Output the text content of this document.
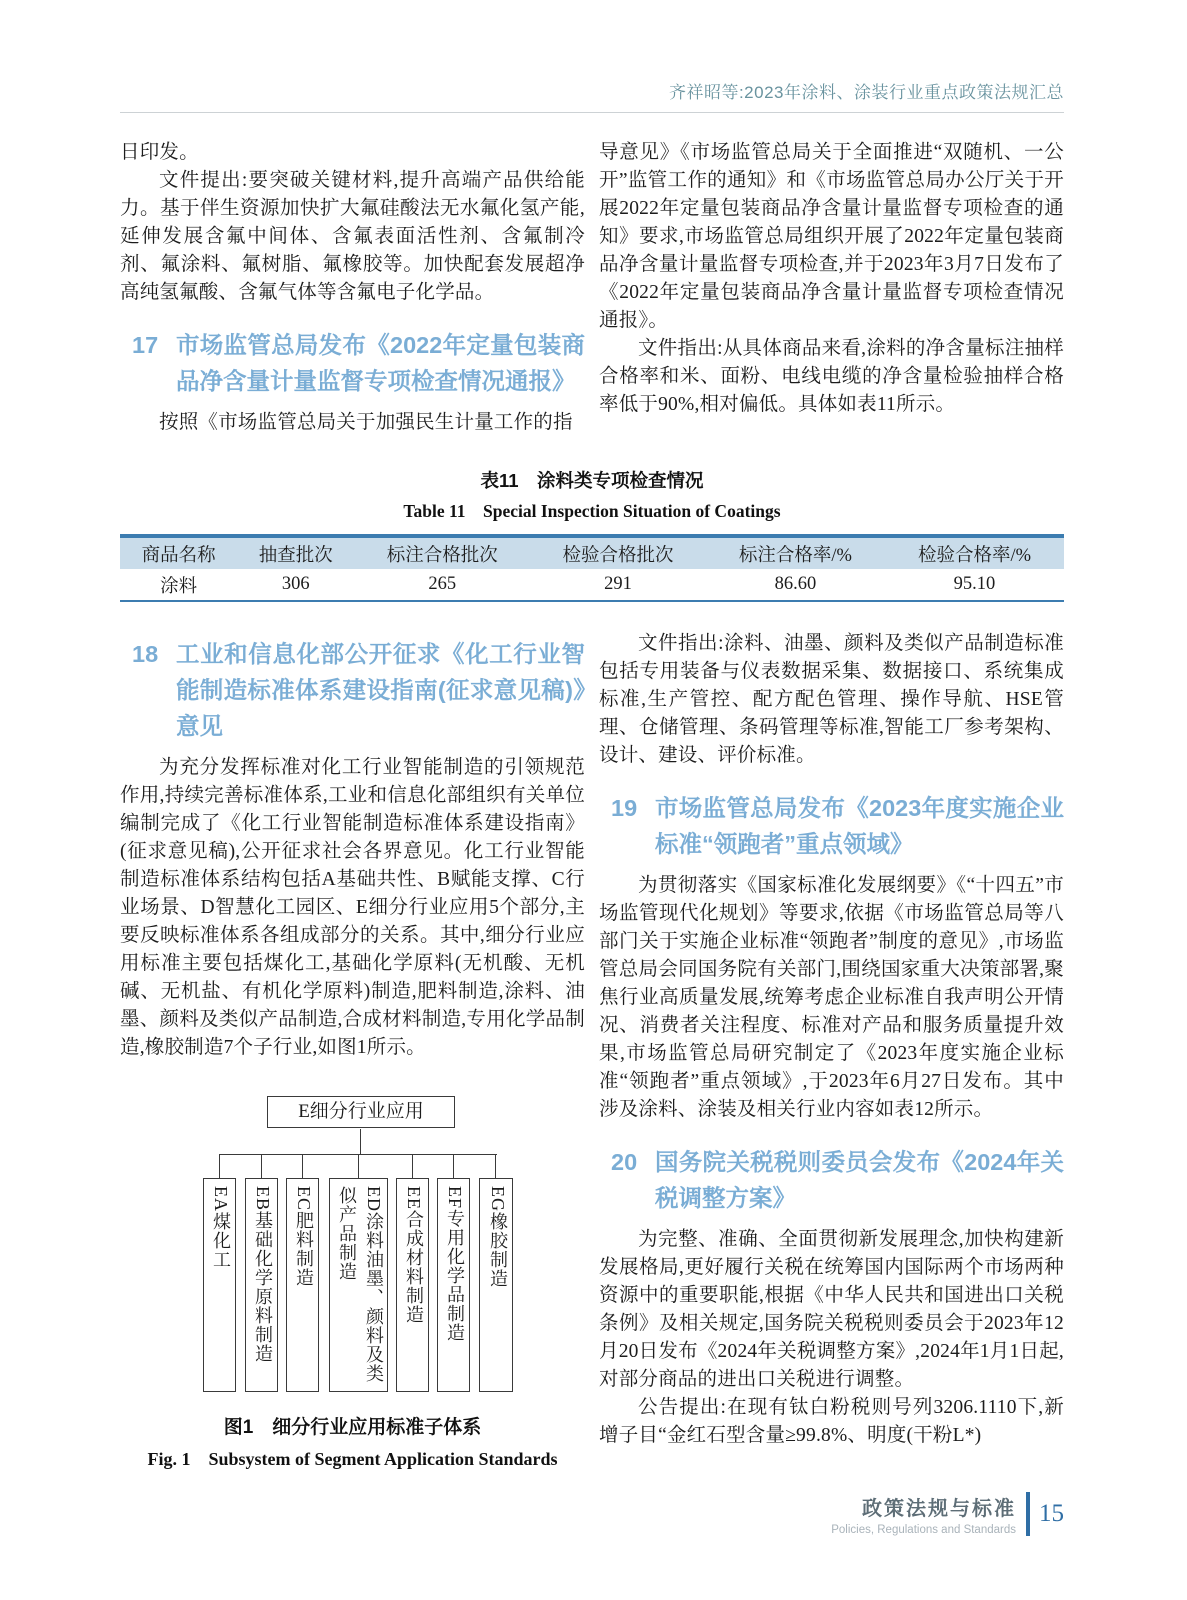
齐祥昭等:2023年涂料、涂装行业重点政策法规汇总

日印发。

文件提出:要突破关键材料,提升高端产品供给能力。基于伴生资源加快扩大氟硅酸法无水氟化氢产能,延伸发展含氟中间体、含氟表面活性剂、含氟制冷剂、氟涂料、氟树脂、氟橡胶等。加快配套发展超净高纯氢氟酸、含氟气体等含氟电子化学品。

17 市场监管总局发布《2022年定量包装商品净含量计量监督专项检查情况通报》

按照《市场监管总局关于加强民生计量工作的指

导意见》《市场监管总局关于全面推进“双随机、一公开”监管工作的通知》和《市场监管总局办公厅关于开展2022年定量包装商品净含量计量监督专项检查的通知》要求,市场监管总局组织开展了2022年定量包装商品净含量计量监督专项检查,并于2023年3月7日发布了《2022年定量包装商品净含量计量监督专项检查情况通报》。

文件指出:从具体商品来看,涂料的净含量标注抽样合格率和米、面粉、电线电缆的净含量检验抽样合格率低于90%,相对偏低。具体如表11所示。

表11　涂料类专项检查情况
Table 11　Special Inspection Situation of Coatings
商品名称	抽查批次	标注合格批次	检验合格批次	标注合格率/%	检验合格率/%
涂料	306	265	291	86.60	95.10
18 工业和信息化部公开征求《化工行业智能制造标准体系建设指南(征求意见稿)》意见

为充分发挥标准对化工行业智能制造的引领规范作用,持续完善标准体系,工业和信息化部组织有关单位编制完成了《化工行业智能制造标准体系建设指南》(征求意见稿),公开征求社会各界意见。化工行业智能制造标准体系结构包括A基础共性、B赋能支撑、C行业场景、D智慧化工园区、E细分行业应用5个部分,主要反映标准体系各组成部分的关系。其中,细分行业应用标准主要包括煤化工,基础化学原料(无机酸、无机碱、无机盐、有机化学原料)制造,肥料制造,涂料、油墨、颜料及类似产品制造,合成材料制造,专用化学品制造,橡胶制造7个子行业,如图1所示。

E细分行业应用
EA煤化工	EB基础化学原料制造	EC肥料制造	ED涂料油墨、颜料及类似产品制造	EE合成材料制造	EF专用化学品制造	EG橡胶制造
图1　细分行业应用标准子体系
Fig. 1　Subsystem of Segment Application Standards

文件指出:涂料、油墨、颜料及类似产品制造标准包括专用装备与仪表数据采集、数据接口、系统集成标准,生产管控、配方配色管理、操作导航、HSE管理、仓储管理、条码管理等标准,智能工厂参考架构、设计、建设、评价标准。

19 市场监管总局发布《2023年度实施企业标准“领跑者”重点领域》

为贯彻落实《国家标准化发展纲要》《“十四五”市场监管现代化规划》等要求,依据《市场监管总局等八部门关于实施企业标准“领跑者”制度的意见》,市场监管总局会同国务院有关部门,围绕国家重大决策部署,聚焦行业高质量发展,统筹考虑企业标准自我声明公开情况、消费者关注程度、标准对产品和服务质量提升效果,市场监管总局研究制定了《2023年度实施企业标准“领跑者”重点领域》,于2023年6月27日发布。其中涉及涂料、涂装及相关行业内容如表12所示。

20 国务院关税税则委员会发布《2024年关税调整方案》

为完整、准确、全面贯彻新发展理念,加快构建新发展格局,更好履行关税在统筹国内国际两个市场两种资源中的重要职能,根据《中华人民共和国进出口关税条例》及相关规定,国务院关税税则委员会于2023年12月20日发布《2024年关税调整方案》,2024年1月1日起,对部分商品的进出口关税进行调整。

公告提出:在现有钛白粉税则号列3206.1110下,新增子目“金红石型含量≥99.8%、明度(干粉L*)

政策法规与标准
Policies, Regulations and Standards
15
